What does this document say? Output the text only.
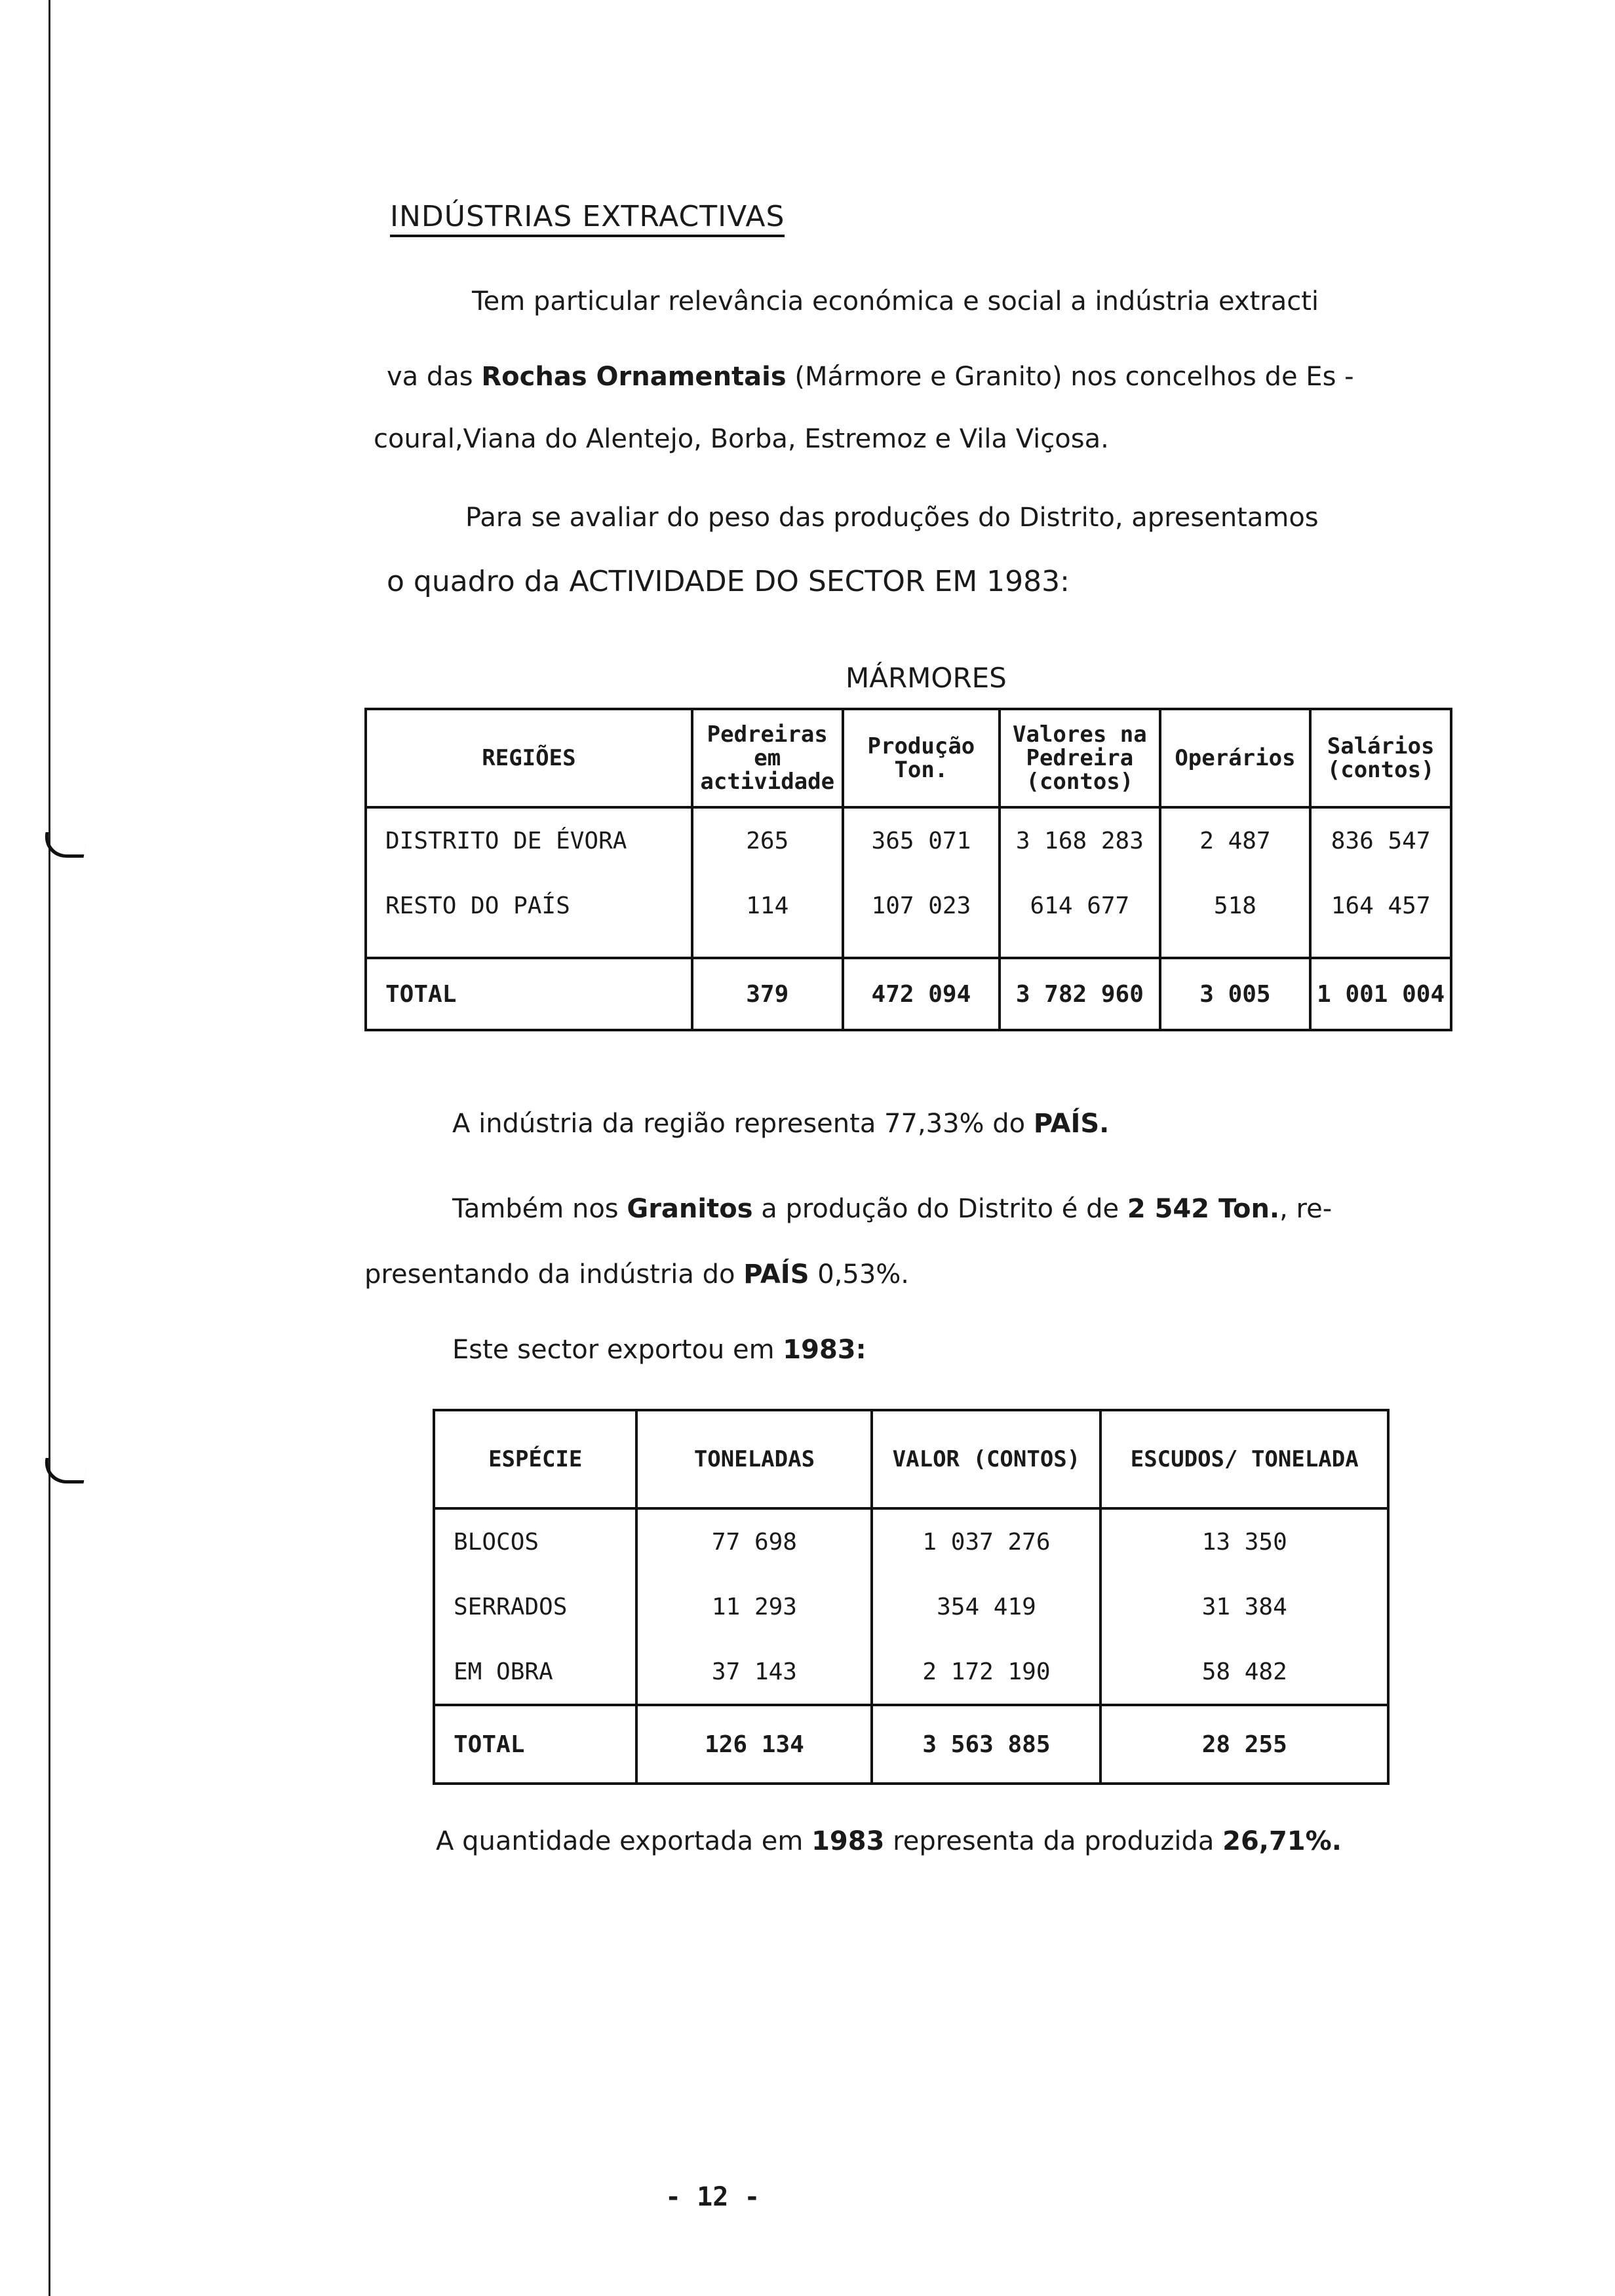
INDÚSTRIAS EXTRACTIVAS
Tem particular relevância económica e social a indústria extracti
va das Rochas Ornamentais (Mármore e Granito) nos concelhos de Es -
coural,Viana do Alentejo, Borba, Estremoz e Vila Viçosa.
Para se avaliar do peso das produções do Distrito, apresentamos
o quadro da ACTIVIDADE DO SECTOR EM 1983:
MÁRMORES
REGIÕES	Pedreiras em actividade	Produção Ton.	Valores na Pedreira (contos)	Operários	Salários (contos)
DISTRITO DE ÉVORA	265	365 071	3 168 283	2 487	836 547
RESTO DO PAÍS	114	107 023	614 677	518	164 457

TOTAL	379	472 094	3 782 960	3 005	1 001 004
A indústria da região representa 77,33% do PAÍS.
Também nos Granitos a produção do Distrito é de 2 542 Ton., re-
presentando da indústria do PAÍS 0,53%.
Este sector exportou em 1983:
ESPÉCIE	TONELADAS	VALOR (CONTOS)	ESCUDOS/ TONELADA
BLOCOS	77 698	1 037 276	13 350
SERRADOS	11 293	354 419	31 384
EM OBRA	37 143	2 172 190	58 482
TOTAL	126 134	3 563 885	28 255
A quantidade exportada em 1983 representa da produzida 26,71%.
- 12 -
